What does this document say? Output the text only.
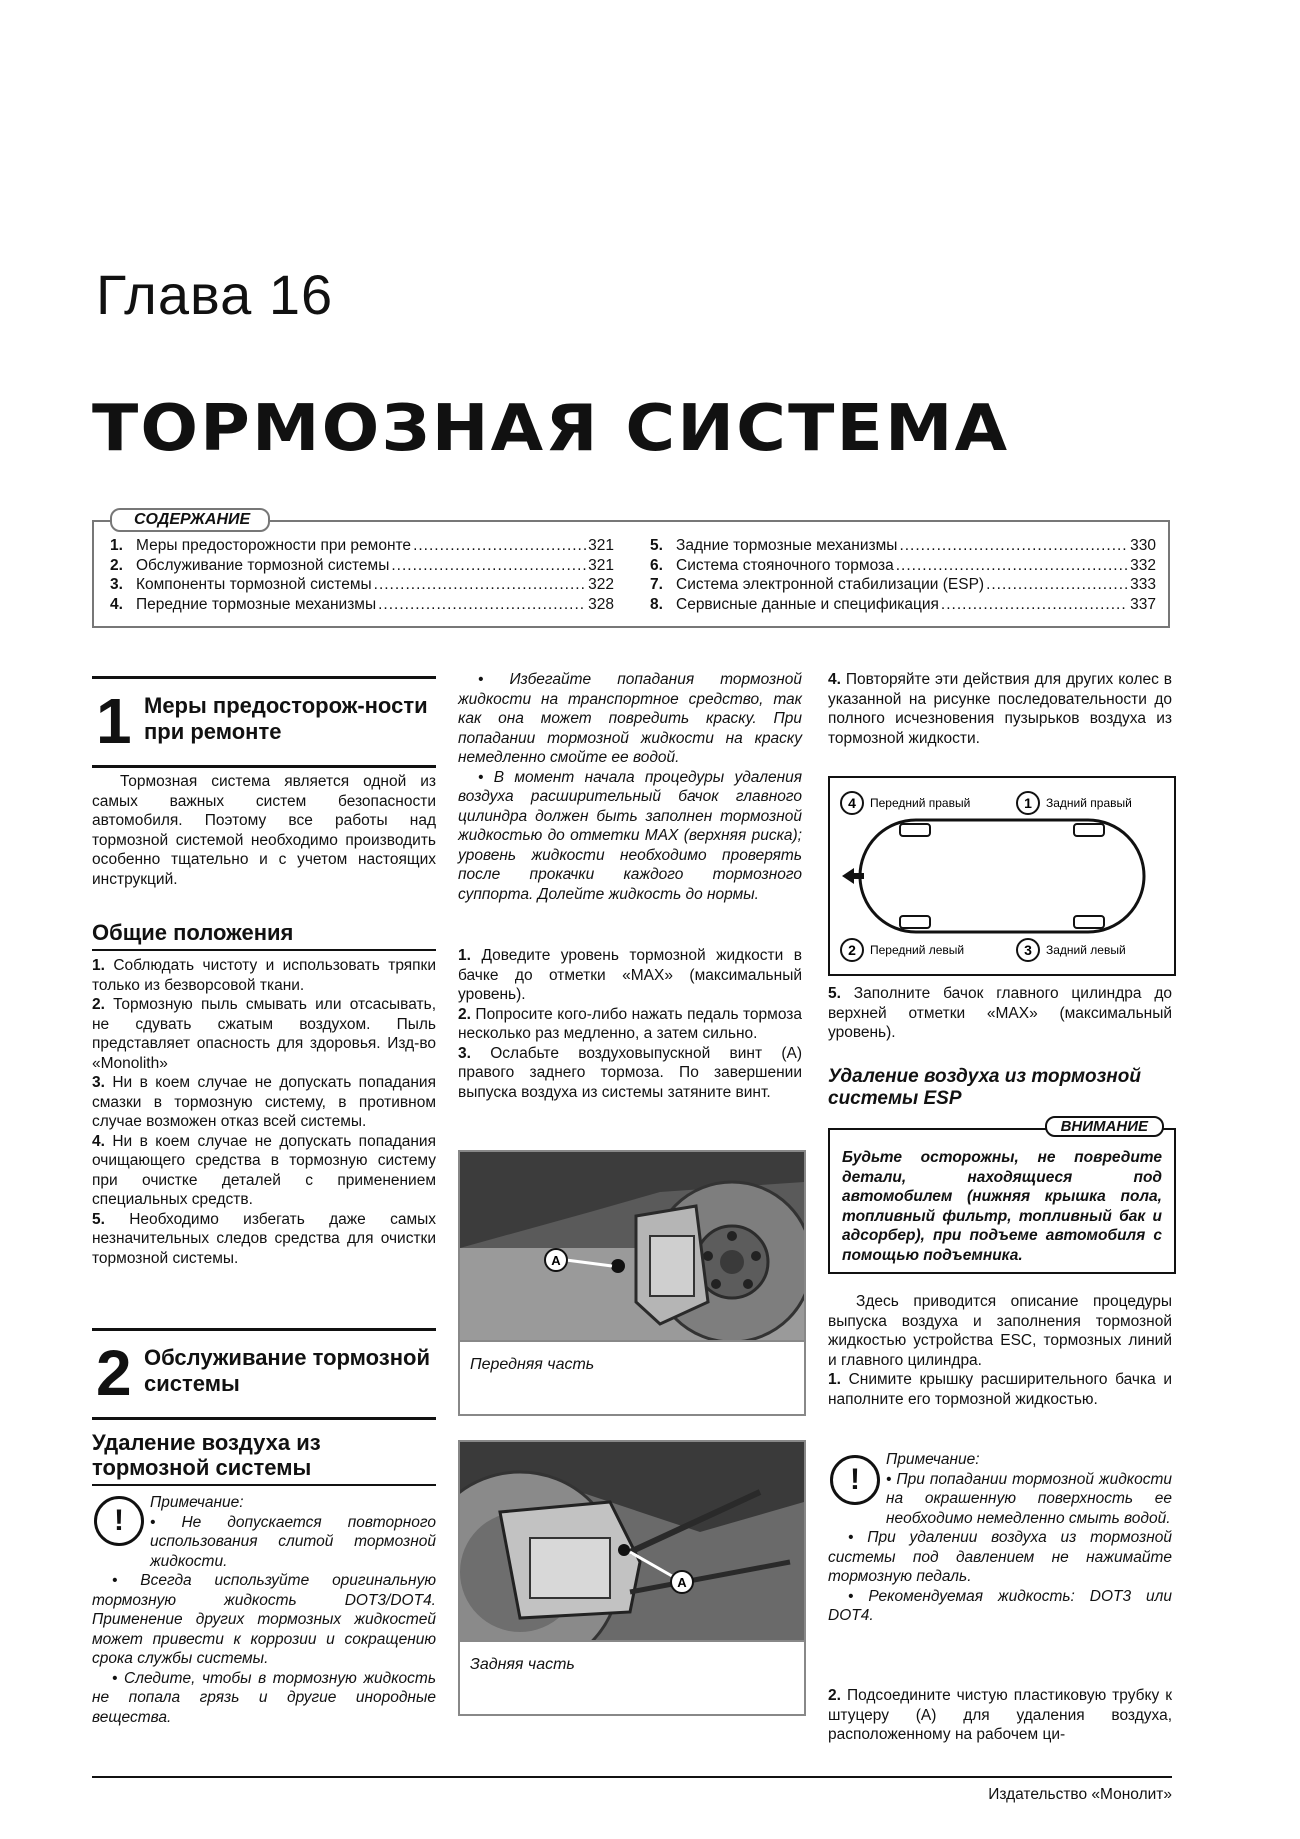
Глава 16
ТОРМОЗНАЯ СИСТЕМА
СОДЕРЖАНИЕ
1. Меры предосторожности при ремонте .....	321
2. Обслуживание тормозной системы .....	321
3. Компоненты тормозной системы .....	322
4. Передние тормозные механизмы .....	328
5. Задние тормозные механизмы .....	330
6. Система стояночного тормоза .....	332
7. Система электронной стабилизации (ESP) .....	333
8. Сервисные данные и спецификация .....	337
1 Меры предосторож-ности при ремонте
Тормозная система является одной из самых важных систем безопасности автомобиля. Поэтому все работы над тормозной системой необходимо производить особенно тщательно и с учетом настоящих инструкций.
Общие положения

1. Соблюдать чистоту и использовать тряпки только из безворсовой ткани.

2. Тормозную пыль смывать или отсасывать, не сдувать сжатым воздухом. Пыль представляет опасность для здоровья. Изд-во «Monolith»

3. Ни в коем случае не допускать попадания смазки в тормозную систему, в противном случае возможен отказ всей системы.

4. Ни в коем случае не допускать попадания очищающего средства в тормозную систему при очистке деталей с применением специальных средств.

5. Необходимо избегать даже самых незначительных следов средства для очистки тормозной системы.

2 Обслуживание тормозной системы
Удаление воздуха из тормозной системы
!

Примечание:

• Не допускается повторного использования слитой тормозной жидкости.

• Всегда используйте оригинальную тормозную жидкость DOT3/DOT4. Применение других тормозных жидкостей может привести к коррозии и сокращению срока службы системы.

• Следите, чтобы в тормозную жидкость не попала грязь и другие инородные вещества.

• Избегайте попадания тормозной жидкости на транспортное средство, так как она может повредить краску. При попадании тормозной жидкости на краску немедленно смойте ее водой.

• В момент начала процедуры удаления воздуха расширительный бачок главного цилиндра должен быть заполнен тормозной жидкостью до отметки MAX (верхняя риска); уровень жидкости необходимо проверять после прокачки каждого тормозного суппорта. Долейте жидкость до нормы.

1. Доведите уровень тормозной жидкости в бачке до отметки «MAX» (максимальный уровень).

2. Попросите кого-либо нажать педаль тормоза несколько раз медленно, а затем сильно.

3. Ослабьте воздуховыпускной винт (А) правого заднего тормоза. По завершении выпуска воздуха из системы затяните винт.

A
Передняя часть
A
Задняя часть

4. Повторяйте эти действия для других колес в указанной на рисунке последовательности до полного исчезновения пузырьков воздуха из тормозной жидкости.

4	1
2	3
Передний правый	Задний правый
Передний левый	Задний левый

5. Заполните бачок главного цилиндра до верхней отметки «MAX» (максимальный уровень).

Удаление воздуха из тормозной системы ESP
ВНИМАНИЕ
Будьте осторожны, не повредите детали, находящиеся под автомобилем (нижняя крышка пола, топливный фильтр, топливный бак и адсорбер), при подъеме автомобиля с помощью подъемника.

Здесь приводится описание процедуры выпуска воздуха и заполнения тормозной жидкостью устройства ESC, тормозных линий и главного цилиндра.

1. Снимите крышку расширительного бачка и наполните его тормозной жидкостью.

!

Примечание:

• При попадании тормозной жидкости на окрашенную поверхность ее необходимо немедленно смыть водой.

• При удалении воздуха из тормозной системы под давлением не нажимайте тормозную педаль.

• Рекомендуемая жидкость: DOT3 или DOT4.

2. Подсоедините чистую пластиковую трубку к штуцеру (А) для удаления воздуха, расположенному на рабочем ци-

Издательство «Монолит»
